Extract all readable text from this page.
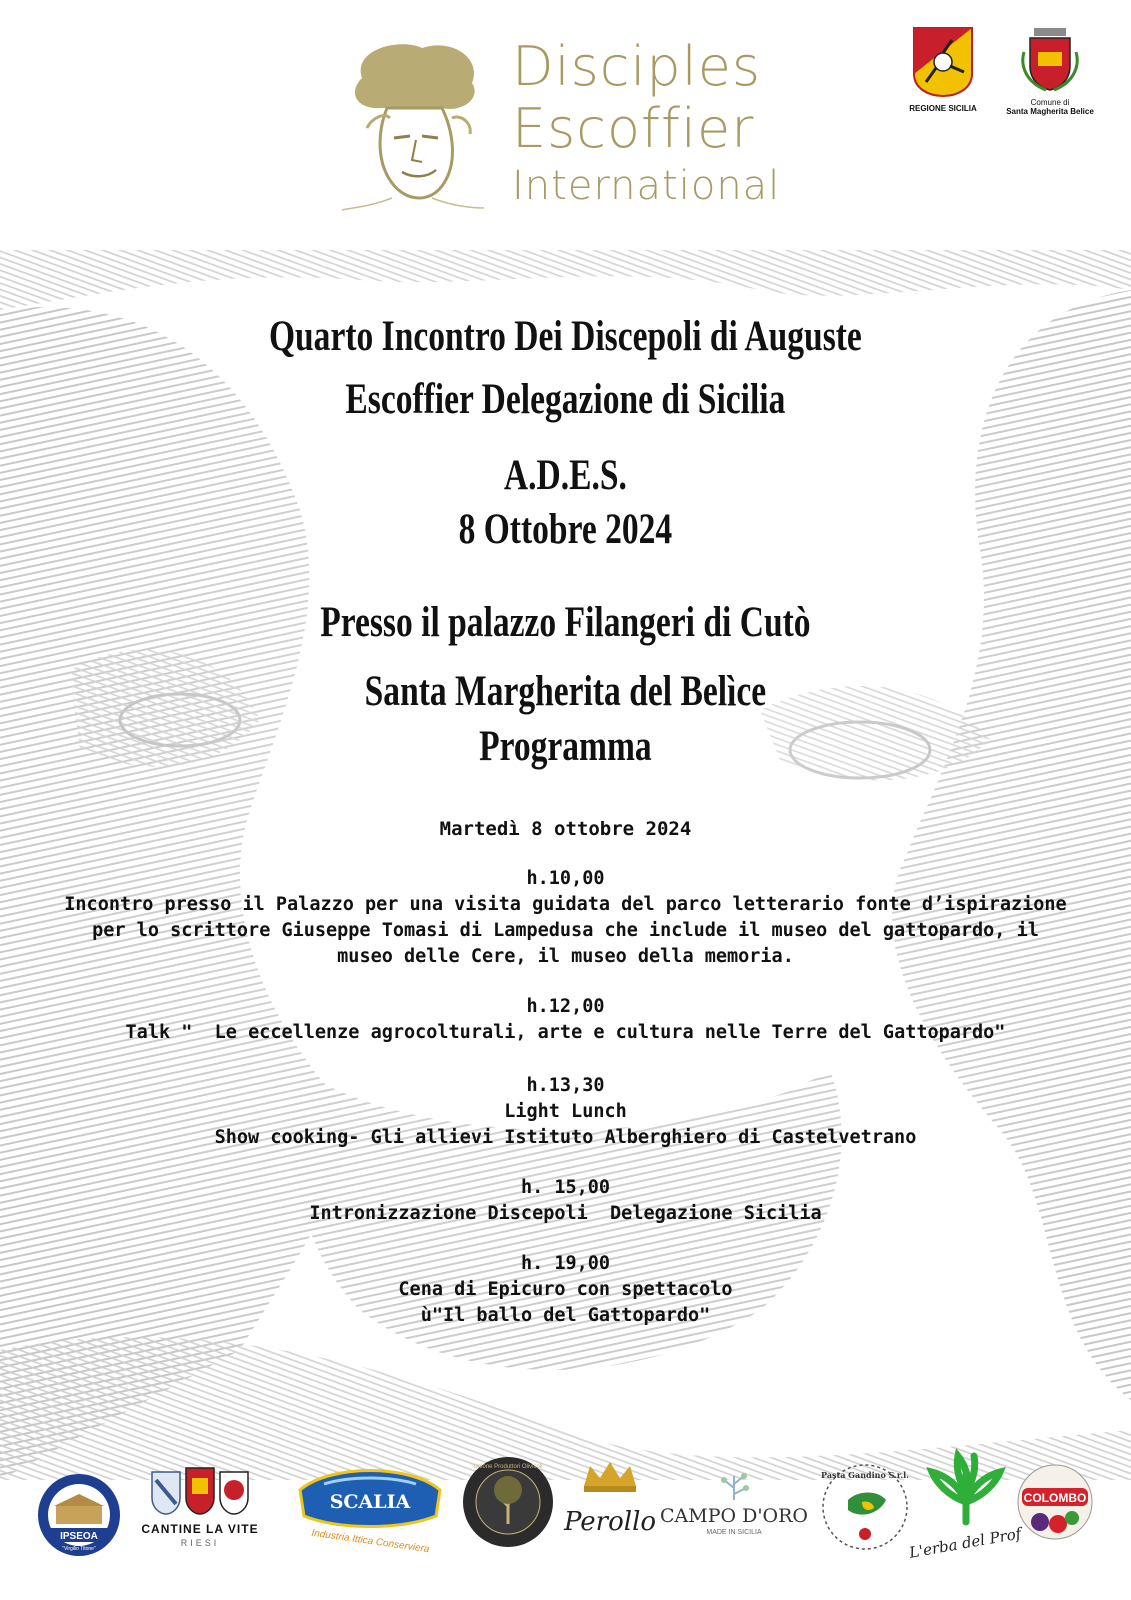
Disciples
Escoffier
International
REGIONE SICILIA
Comune di
Santa Magherita Belice
Quarto Incontro Dei Discepoli di Auguste
Escoffier Delegazione di Sicilia
A.D.E.S.
8 Ottobre 2024
Presso il palazzo Filangeri di Cutò
Santa Margherita del Belìce
Programma
Martedì 8 ottobre 2024
h.10,00
Incontro presso il Palazzo per una visita guidata del parco letterario fonte d’ispirazione
per lo scrittore Giuseppe Tomasi di Lampedusa che include il museo del gattopardo, il
museo delle Cere, il museo della memoria.
h.12,00
Talk "  Le eccellenze agrocolturali, arte e cultura nelle Terre del Gattopardo"
h.13,30
Light Lunch
Show cooking- Gli allievi Istituto Alberghiero di Castelvetrano
h. 15,00
Intronizzazione Discepoli  Delegazione Sicilia
h. 19,00
Cena di Epicuro con spettacolo
ù"Il ballo del Gattopardo"
IPSEOA
"Virgilio Titone"
CANTINE LA VITE
RIESI
SCALIA
Industria Ittica Conserviera
Unione Produttori Olivicoli
Perollo CAMPO D'ORO
MADE IN SICILIA
Pasta Gandino S.r.l.
L'erba del Prof
COLOMBO
